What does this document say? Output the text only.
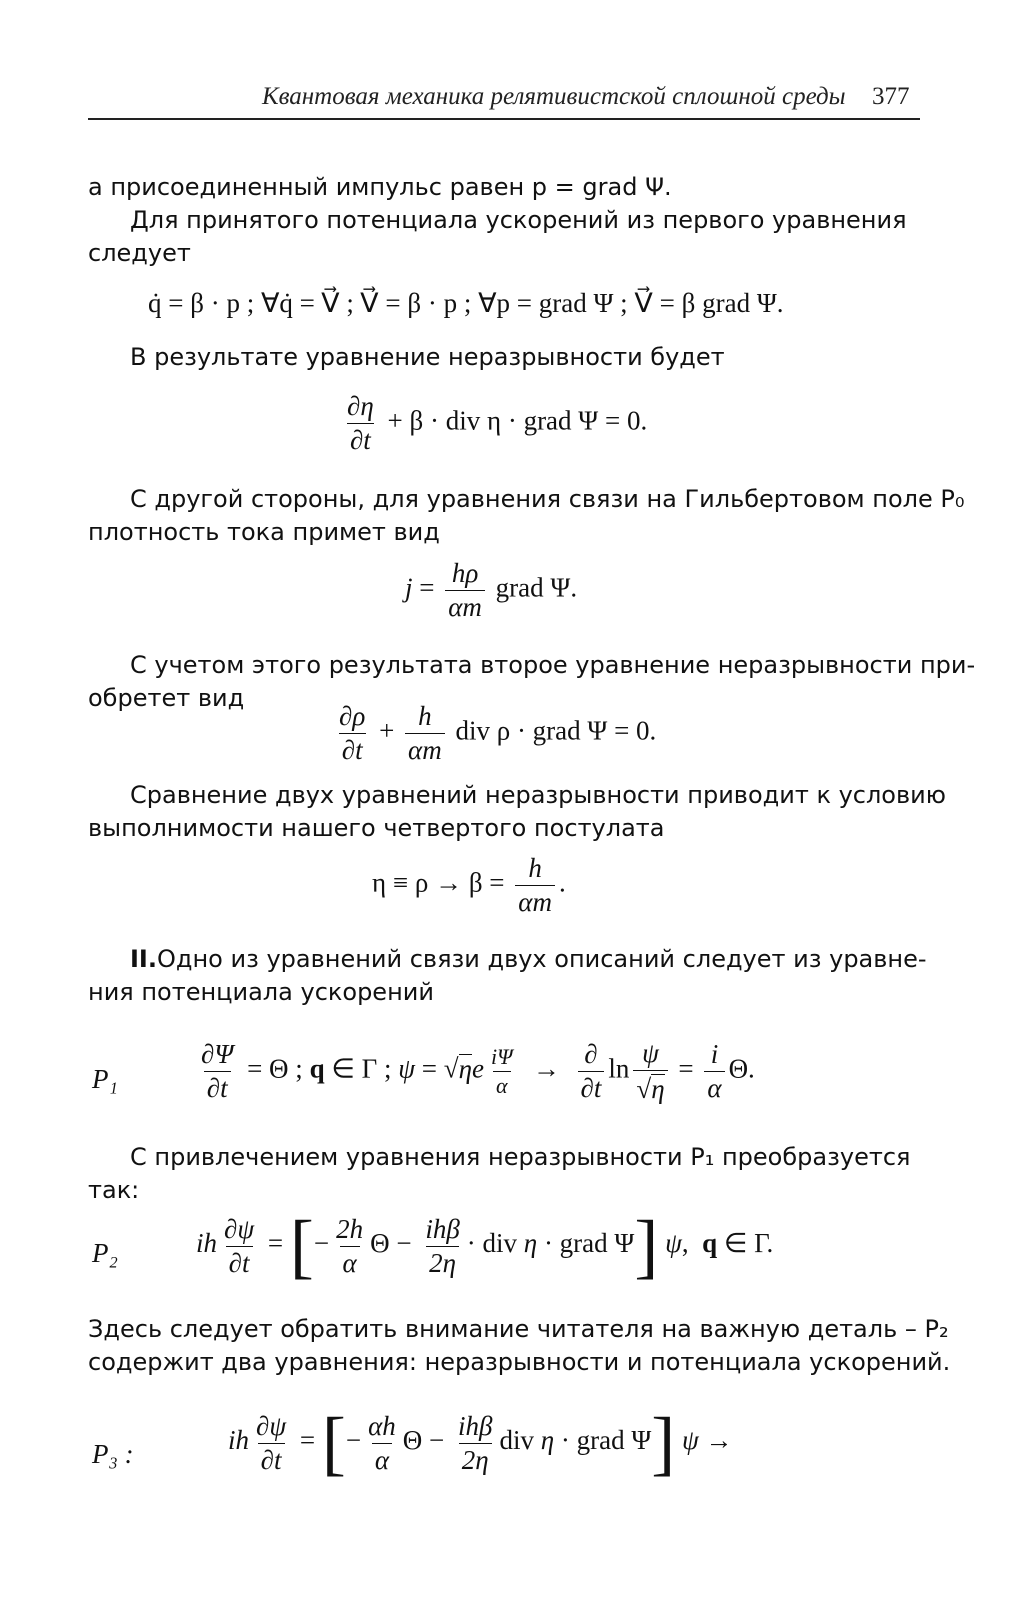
Квантовая механика релятивистской сплошной среды 377
а присоединенный импульс равен p = grad Ψ.
Для принятого потенциала ускорений из первого уравнения
следует
q̇ = β · p ; ∀q̇ = V⃗ ; V⃗ = β · p ; ∀p = grad Ψ ; V⃗ = β grad Ψ.
В результате уравнение неразрывности будет
$\frac{\partial\eta}{\partial t} + \beta$ · div η · grad Ψ = 0.
С другой стороны, для уравнения связи на Гильбертовом поле P₀
плотность тока примет вид
$j = \frac{h\rho}{\alpha m}$ grad Ψ.
С учетом этого результата второе уравнение неразрывности при-
обретет вид
$\frac{\partial\rho}{\partial t} + \frac{h}{\alpha m}$ div ρ · grad Ψ = 0.
Сравнение двух уравнений неразрывности приводит к условию
выполнимости нашего четвертого постулата
$\eta \equiv \rho \to \beta = \frac{h}{\alpha m}$ .
II.Одно из уравнений связи двух описаний следует из уравне-
ния потенциала ускорений
P₁	$\frac{\partial\Psi}{\partial t} = \Theta$ ; q ∈ Γ ; $\psi = √\eta e \frac{i\Psi}{\alpha} \to \frac{\partial}{\partial t}$ $\ln \frac{\psi}{√\eta} = \frac{i}{\alpha} \Theta$.
С привлечением уравнения неразрывности P₁ преобразуется
так:
P₂	ih $\frac{\partial\psi}{\partial t}$ = [− $\frac{2h}{\alpha}$ $\Theta - \frac{\text{ihβ}}{2\eta}$ · div η · grad Ψ] ψ,  q ∈ Γ.
Здесь следует обратить внимание читателя на важную деталь – P₂
содержит два уравнения: неразрывности и потенциала ускорений.
P₃ :	ih $\frac{\partial\psi}{\partial t}$ = [− $\frac{\alpha h}{\alpha}$ $\Theta - \frac{\text{ihβ}}{2\eta}$ div η · grad Ψ] ψ →
